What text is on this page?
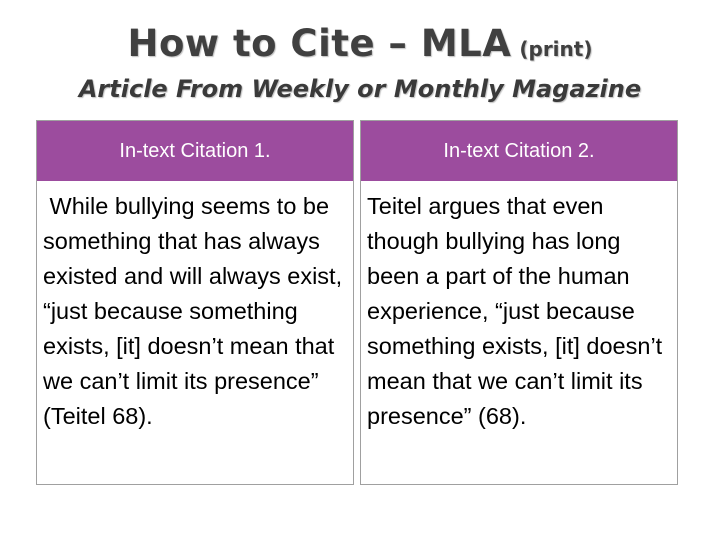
How to Cite – MLA (print)
Article From Weekly or Monthly Magazine
In-text Citation 1.
While bullying seems to be something that has always existed and will always exist, “just because something exists, [it] doesn’t mean that we can’t limit its presence” (Teitel 68).
In-text Citation 2.
Teitel argues that even though bullying has long been a part of the human experience, “just because something exists, [it] doesn’t mean that we can’t limit its presence” (68).
